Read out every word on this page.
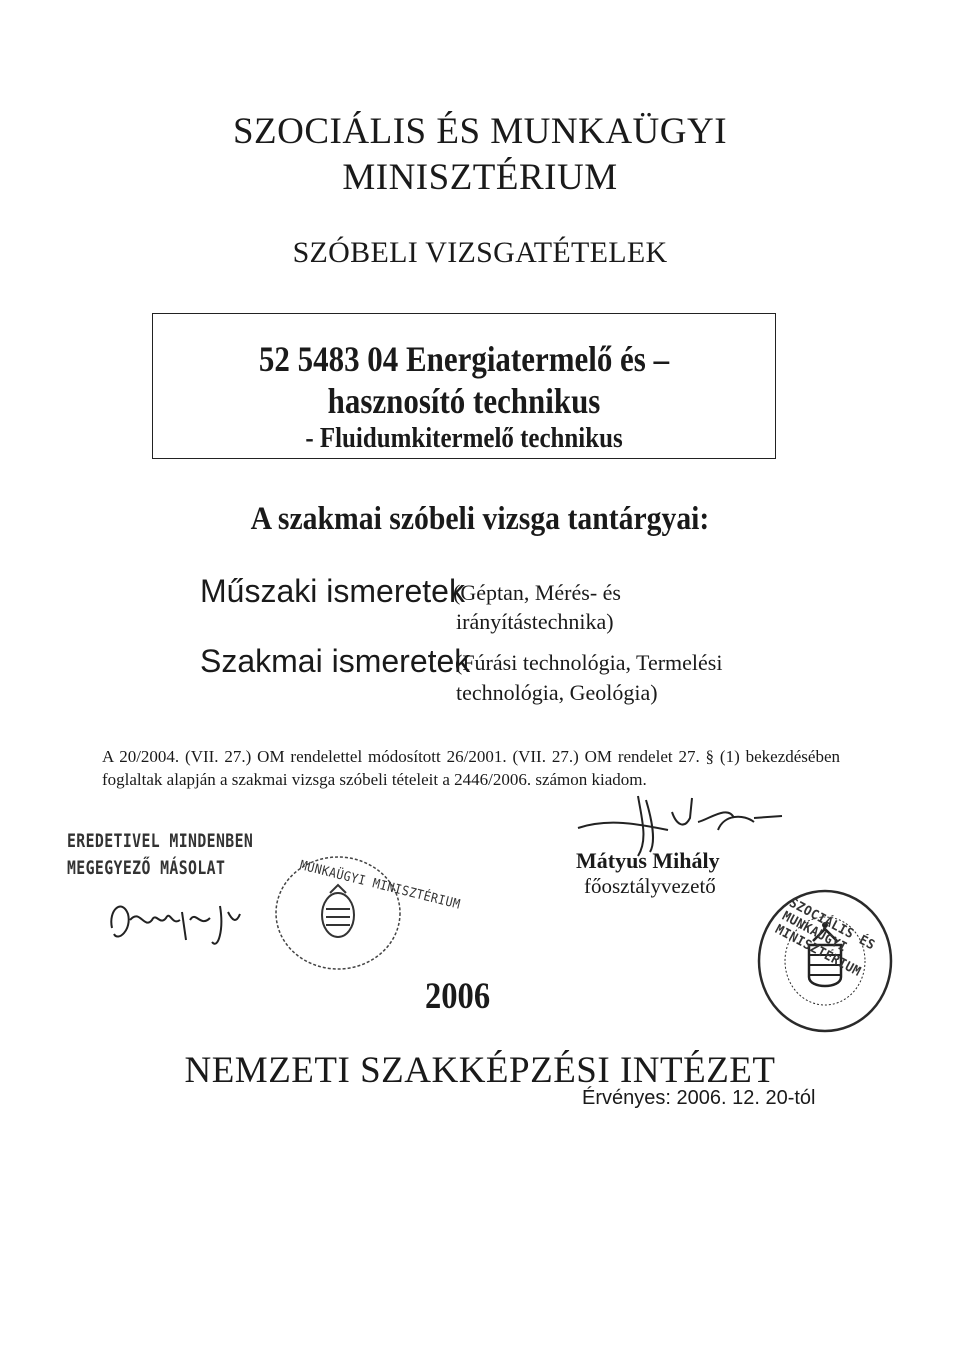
SZOCIÁLIS ÉS MUNKAÜGYI
MINISZTÉRIUM
SZÓBELI VIZSGATÉTELEK
52 5483 04 Energiatermelő és –
hasznosító technikus
- Fluidumkitermelő technikus
A szakmai szóbeli vizsga tantárgyai:
Műszaki ismeretek
(Géptan, Mérés- és
irányítástechnika)
Szakmai ismeretek
(Fúrási technológia, Termelési
technológia, Geológia)
A 20/2004. (VII. 27.) OM rendelettel módosított 26/2001. (VII. 27.) OM rendelet 27. § (1) bekezdésében foglaltak alapján a szakmai vizsga szóbeli tételeit a 2446/2006. számon kiadom.
EREDETIVEL MINDENBEN
MEGEGYEZŐ MÁSOLAT	MUNKAÜGYI MINISZTÉRIUM	Mátyus Mihály
főosztályvezető
SZOCIÁLIS ÉS MUNKAÜGYI MINISZTÉRIUM
2006
NEMZETI SZAKKÉPZÉSI INTÉZET
Érvényes: 2006. 12. 20-tól
